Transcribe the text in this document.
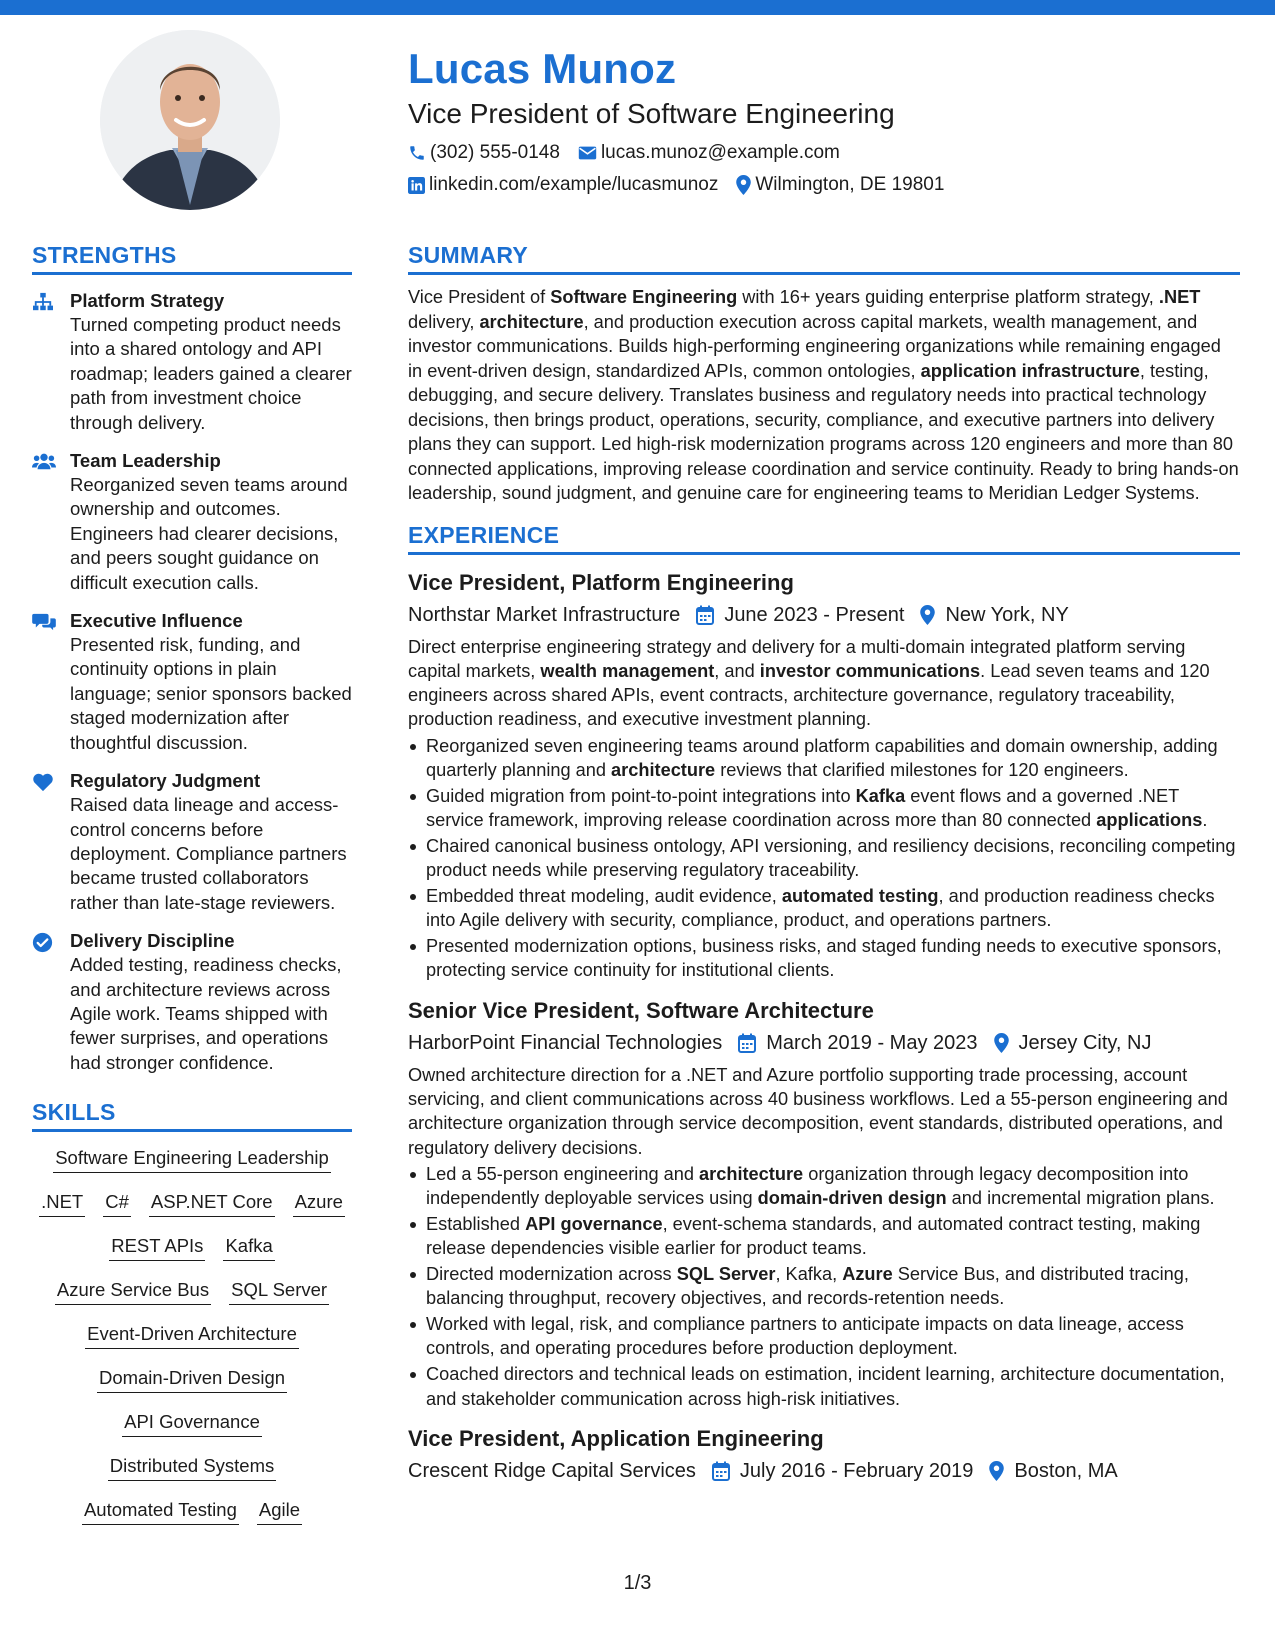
Lucas Munoz
Vice President of Software Engineering
(302) 555-0148 lucas.munoz@example.com
linkedin.com/example/lucasmunoz Wilmington, DE 19801
STRENGTHS
Platform Strategy
Turned competing product needs into a shared ontology and API roadmap; leaders gained a clearer path from investment choice through delivery.
Team Leadership
Reorganized seven teams around ownership and outcomes. Engineers had clearer decisions, and peers sought guidance on difficult execution calls.
Executive Influence
Presented risk, funding, and continuity options in plain language; senior sponsors backed staged modernization after thoughtful discussion.
Regulatory Judgment
Raised data lineage and access-control concerns before deployment. Compliance partners became trusted collaborators rather than late-stage reviewers.
Delivery Discipline
Added testing, readiness checks, and architecture reviews across Agile work. Teams shipped with fewer surprises, and operations had stronger confidence.
SKILLS
Software Engineering Leadership
.NET C# ASP.NET Core Azure
REST APIs Kafka
Azure Service Bus SQL Server
Event-Driven Architecture
Domain-Driven Design
API Governance
Distributed Systems
Automated Testing Agile
SUMMARY
Vice President of Software Engineering with 16+ years guiding enterprise platform strategy, .NET delivery, architecture, and production execution across capital markets, wealth management, and investor communications. Builds high-performing engineering organizations while remaining engaged in event-driven design, standardized APIs, common ontologies, application infrastructure, testing, debugging, and secure delivery. Translates business and regulatory needs into practical technology decisions, then brings product, operations, security, compliance, and executive partners into delivery plans they can support. Led high-risk modernization programs across 120 engineers and more than 80 connected applications, improving release coordination and service continuity. Ready to bring hands-on leadership, sound judgment, and genuine care for engineering teams to Meridian Ledger Systems.
EXPERIENCE
Vice President, Platform Engineering
Northstar Market Infrastructure June 2023 - Present New York, NY
Direct enterprise engineering strategy and delivery for a multi-domain integrated platform serving capital markets, wealth management, and investor communications. Lead seven teams and 120 engineers across shared APIs, event contracts, architecture governance, regulatory traceability, production readiness, and executive investment planning.
Reorganized seven engineering teams around platform capabilities and domain ownership, adding quarterly planning and architecture reviews that clarified milestones for 120 engineers.
Guided migration from point-to-point integrations into Kafka event flows and a governed .NET service framework, improving release coordination across more than 80 connected applications.
Chaired canonical business ontology, API versioning, and resiliency decisions, reconciling competing product needs while preserving regulatory traceability.
Embedded threat modeling, audit evidence, automated testing, and production readiness checks into Agile delivery with security, compliance, product, and operations partners.
Presented modernization options, business risks, and staged funding needs to executive sponsors, protecting service continuity for institutional clients.
Senior Vice President, Software Architecture
HarborPoint Financial Technologies March 2019 - May 2023 Jersey City, NJ
Owned architecture direction for a .NET and Azure portfolio supporting trade processing, account servicing, and client communications across 40 business workflows. Led a 55-person engineering and architecture organization through service decomposition, event standards, distributed operations, and regulatory delivery decisions.
Led a 55-person engineering and architecture organization through legacy decomposition into independently deployable services using domain-driven design and incremental migration plans.
Established API governance, event-schema standards, and automated contract testing, making release dependencies visible earlier for product teams.
Directed modernization across SQL Server, Kafka, Azure Service Bus, and distributed tracing, balancing throughput, recovery objectives, and records-retention needs.
Worked with legal, risk, and compliance partners to anticipate impacts on data lineage, access controls, and operating procedures before production deployment.
Coached directors and technical leads on estimation, incident learning, architecture documentation, and stakeholder communication across high-risk initiatives.
Vice President, Application Engineering
Crescent Ridge Capital Services July 2016 - February 2019 Boston, MA
1/3
